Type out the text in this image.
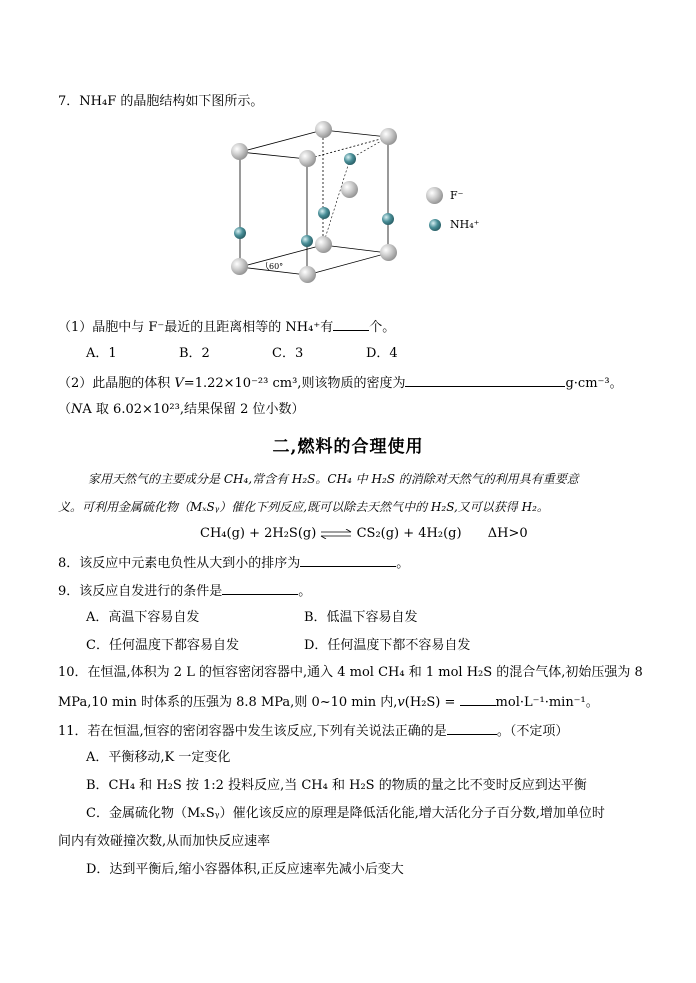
7．NH₄F 的晶胞结构如下图所示。
60°
F⁻
NH₄⁺
（1）晶胞中与 F⁻最近的且距离相等的 NH₄⁺有	个。
A．1	B．2	C．3	D．4
（2）此晶胞的体积 V=1.22×10⁻²³ cm³,则该物质的密度为	g·cm⁻³。
（NA 取 6.02×10²³,结果保留 2 位小数）
二,燃料的合理使用
家用天然气的主要成分是 CH₄,常含有 H₂S。CH₄ 中 H₂S 的消除对天然气的利用具有重要意
义。可利用金属硫化物（MₓSᵧ）催化下列反应,既可以除去天然气中的 H₂S,又可以获得 H₂。
CH₄(g) + 2H₂S(g) ⇌ CS₂(g) + 4H₂(g) ΔH>0
8．该反应中元素电负性从大到小的排序为	。
9．该反应自发进行的条件是	。
A．高温下容易自发	B．低温下容易自发
C．任何温度下都容易自发	D．任何温度下都不容易自发
10．在恒温,体积为 2 L 的恒容密闭容器中,通入 4 mol CH₄ 和 1 mol H₂S 的混合气体,初始压强为 8
MPa,10 min 时体系的压强为 8.8 MPa,则 0~10 min 内,v(H₂S) =	mol·L⁻¹·min⁻¹。
11．若在恒温,恒容的密闭容器中发生该反应,下列有关说法正确的是	。（不定项）
A．平衡移动,K 一定变化
B．CH₄ 和 H₂S 按 1:2 投料反应,当 CH₄ 和 H₂S 的物质的量之比不变时反应到达平衡
C．金属硫化物（MₓSᵧ）催化该反应的原理是降低活化能,增大活化分子百分数,增加单位时
间内有效碰撞次数,从而加快反应速率
D．达到平衡后,缩小容器体积,正反应速率先减小后变大
